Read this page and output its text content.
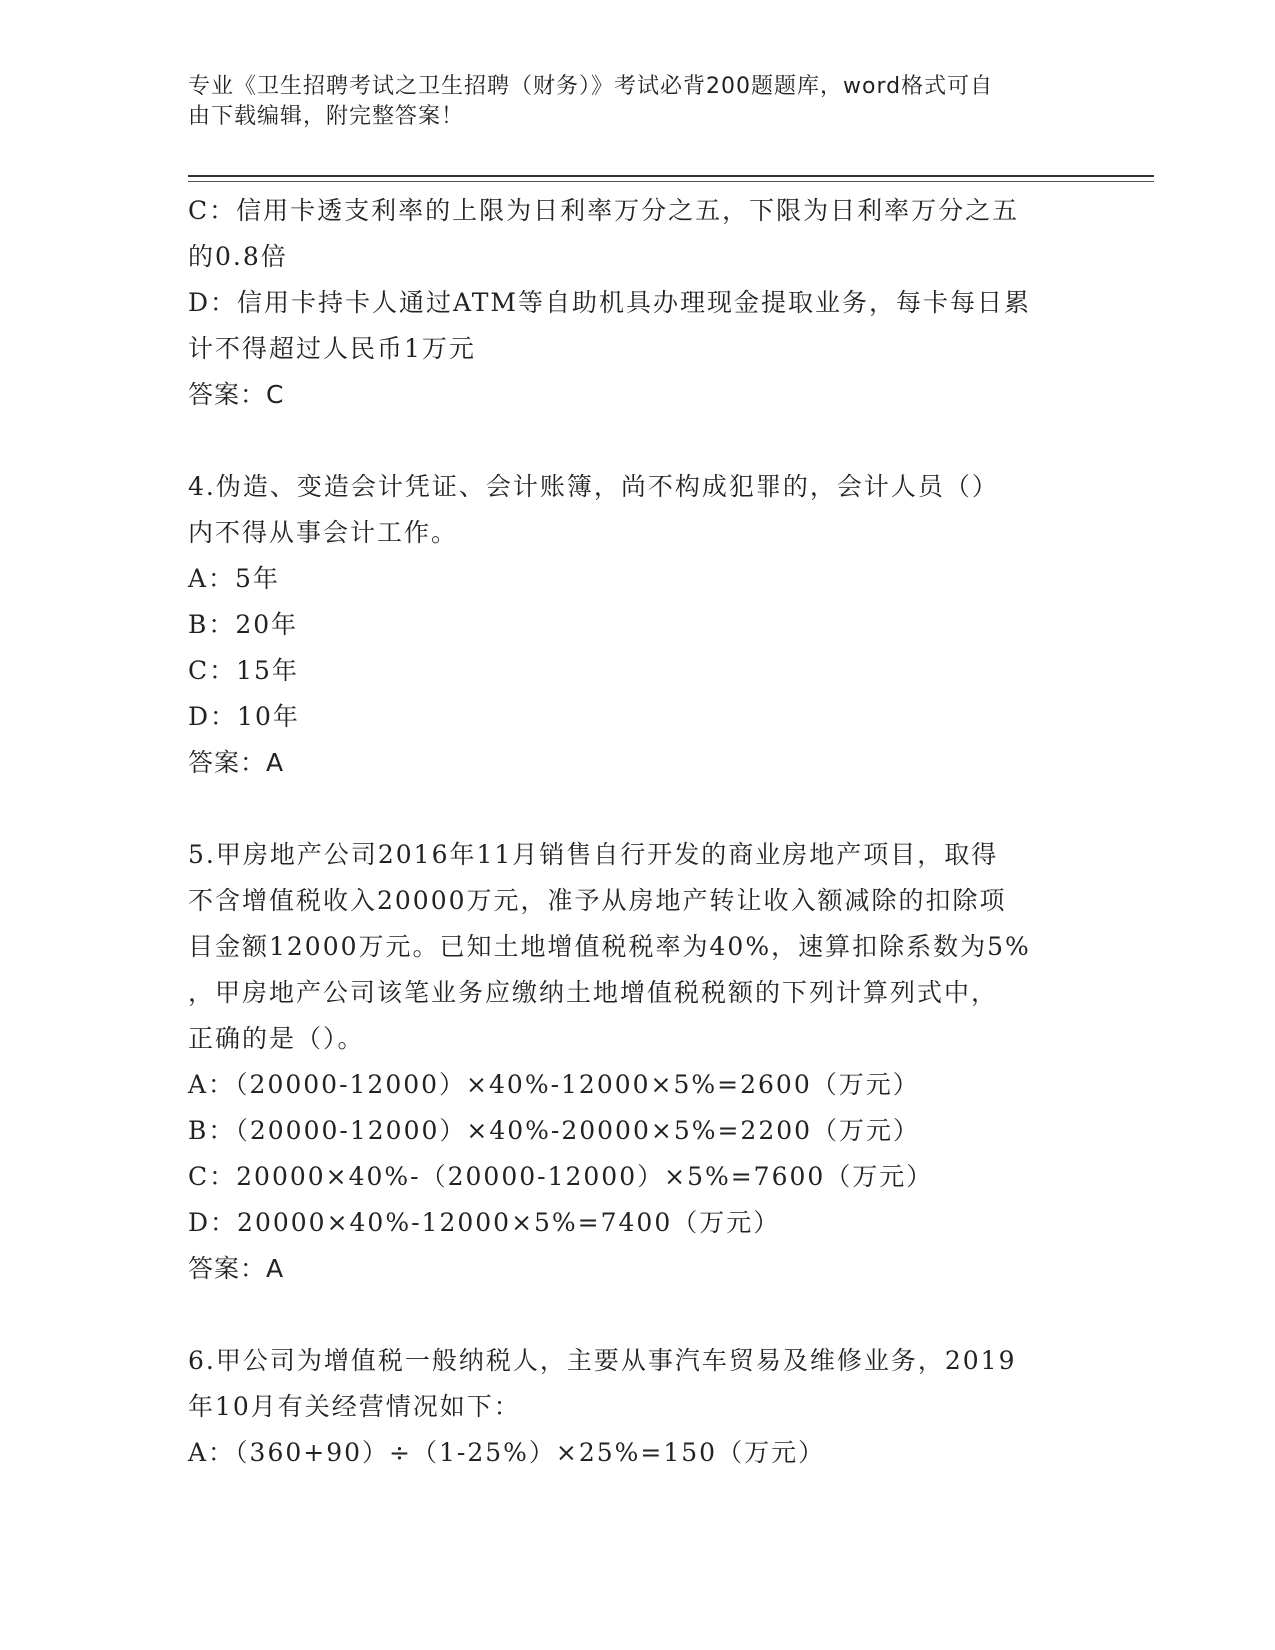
专业《卫生招聘考试之卫生招聘（财务）》考试必背200题题库，word格式可自
由下载编辑，附完整答案！
C：信用卡透支利率的上限为日利率万分之五，下限为日利率万分之五
的0.8倍
D：信用卡持卡人通过ATM等自助机具办理现金提取业务，每卡每日累
计不得超过人民币1万元
答案：C
4.伪造、变造会计凭证、会计账簿，尚不构成犯罪的，会计人员（）
内不得从事会计工作。
A：5年
B：20年
C：15年
D：10年
答案：A
5.甲房地产公司2016年11月销售自行开发的商业房地产项目，取得
不含增值税收入20000万元，准予从房地产转让收入额减除的扣除项
目金额12000万元。已知土地增值税税率为40%，速算扣除系数为5%
，甲房地产公司该笔业务应缴纳土地增值税税额的下列计算列式中，
正确的是（）。
A：（20000-12000）×40%-12000×5%=2600（万元）
B：（20000-12000）×40%-20000×5%=2200（万元）
C：20000×40%-（20000-12000）×5%=7600（万元）
D：20000×40%-12000×5%=7400（万元）
答案：A
6.甲公司为增值税一般纳税人，主要从事汽车贸易及维修业务，2019
年10月有关经营情况如下：
A：（360+90）÷（1-25%）×25%=150（万元）
